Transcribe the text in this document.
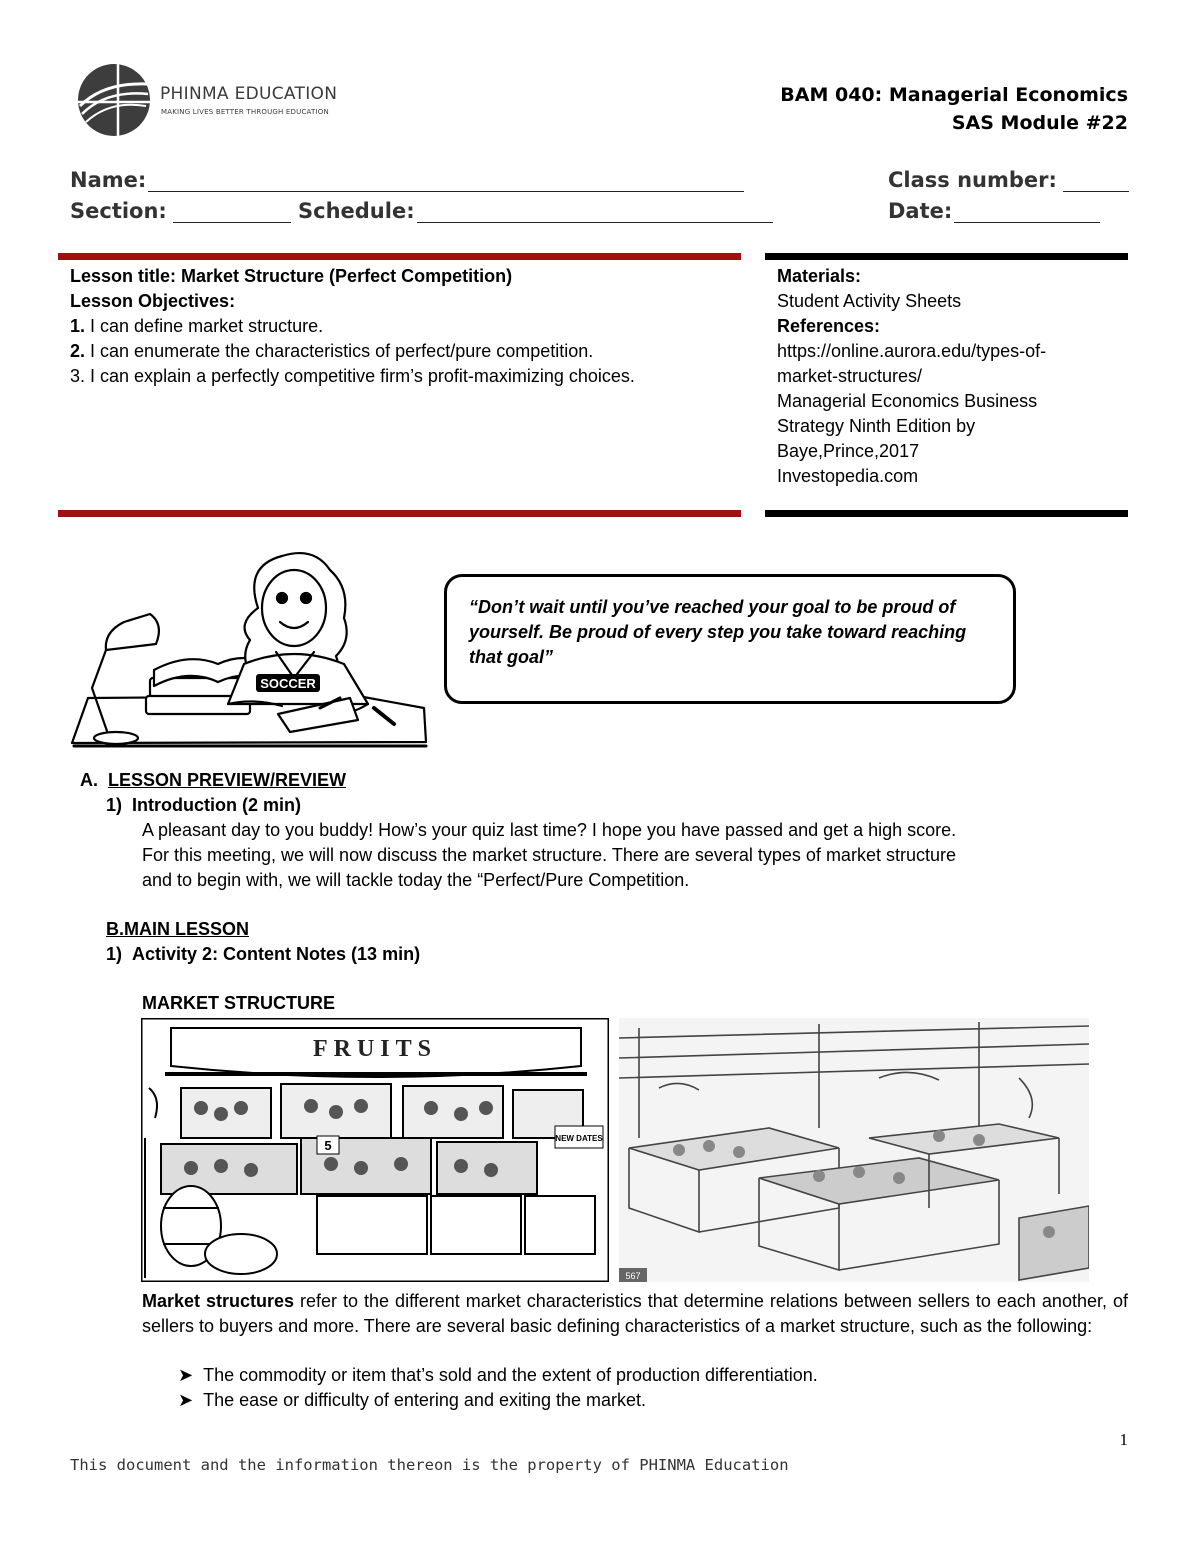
PHINMA EDUCATION
MAKING LIVES BETTER THROUGH EDUCATION
BAM 040: Managerial Economics
SAS Module #22
Name:	Class number:
Section:	Schedule:	Date:
Lesson title: Market Structure (Perfect Competition)
Lesson Objectives:
1. I can define market structure.
2. I can enumerate the characteristics of perfect/pure competition.
3. I can explain a perfectly competitive firm’s profit-maximizing choices.
Materials:
Student Activity Sheets
References:
https://online.aurora.edu/types-of-
market-structures/
Managerial Economics Business
Strategy Ninth Edition by
Baye,Prince,2017
Investopedia.com
SOCCER
“Don’t wait until you’ve reached your goal to be proud of yourself. Be proud of every step you take toward reaching that goal”
A. LESSON PREVIEW/REVIEW
1) Introduction (2 min)
A pleasant day to you buddy! How’s your quiz last time? I hope you have passed and get a high score.
For this meeting, we will now discuss the market structure. There are several types of market structure
and to begin with, we will tackle today the “Perfect/Pure Competition.
B.MAIN LESSON
1) Activity 2: Content Notes (13 min)
MARKET STRUCTURE
FRUITS
5	NEW DATES
567
Market structures refer to the different market characteristics that determine relations between sellers to each another, of sellers to buyers and more. There are several basic defining characteristics of a market structure, such as the following:
➤ The commodity or item that’s sold and the extent of production differentiation.
➤ The ease or difficulty of entering and exiting the market.
1
This document and the information thereon is the property of PHINMA Education
